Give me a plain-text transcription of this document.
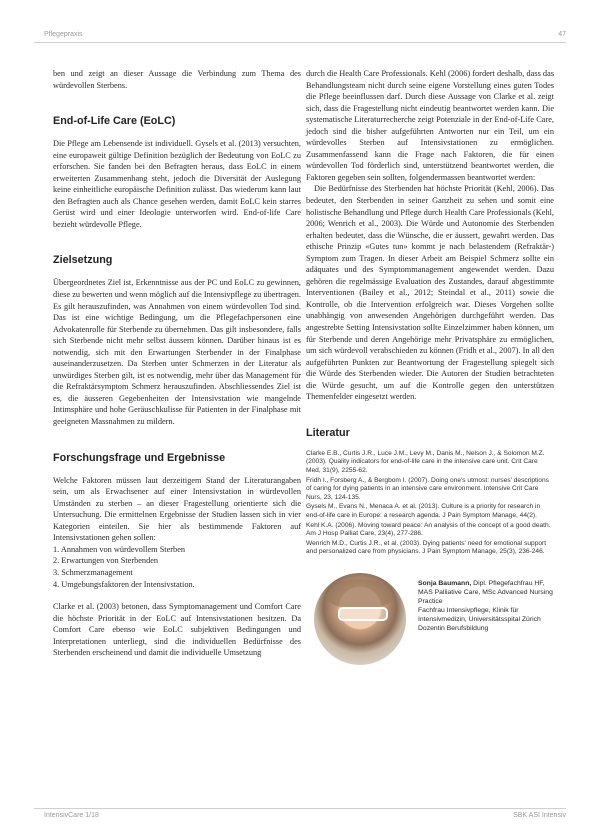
Pflegepraxis	47

ben und zeigt an dieser Aussage die Verbindung zum Thema des würdevollen Sterbens.

End-of-Life Care (EoLC)

Die Pflege am Lebensende ist individuell. Gysels et al. (2013) versuchten, eine europaweit gültige Definition bezüglich der Bedeutung von EoLC zu erforschen. Sie fanden bei den Befragten heraus, dass EoLC in einem erweiterten Zusammenhang steht, jedoch die Diversität der Auslegung keine einheitliche europäische Definition zulässt. Das wiederum kann laut den Befragten auch als Chance gesehen werden, damit EoLC kein starres Gerüst wird und einer Ideologie unterworfen wird. End-of-life Care bezieht würdevolle Pflege.

Zielsetzung

Übergeordnetes Ziel ist, Erkenntnisse aus der PC und EoLC zu gewinnen, diese zu bewerten und wenn möglich auf die Intensivpflege zu übertragen. Es gilt herauszufinden, was Annahmen von einem würdevollen Tod sind. Das ist eine wichtige Bedingung, um die Pflegefachpersonen eine Advokatenrolle für Sterbende zu übernehmen. Das gilt insbesondere, falls sich Sterbende nicht mehr selbst äussern können. Darüber hinaus ist es notwendig, sich mit den Erwartungen Sterbender in der Finalphase auseinanderzusetzen. Da Sterben unter Schmerzen in der Literatur als unwürdiges Sterben gilt, ist es notwendig, mehr über das Management für die Refraktärsymptom Schmerz herauszufinden. Abschliessendes Ziel ist es, die äusseren Gegebenheiten der Intensivstation wie mangelnde Intimsphäre und hohe Geräuschkulisse für Patienten in der Finalphase mit geeigneten Massnahmen zu mildern.

Forschungsfrage und Ergebnisse

Welche Faktoren müssen laut derzeitigem Stand der Literaturangaben sein, um als Erwachsener auf einer Intensivstation in würdevollen Umständen zu sterben – an dieser Fragestellung orientierte sich die Untersuchung. Die ermittelnen Ergebnisse der Studien lassen sich in vier Kategorien einteilen. Sie hier als bestimmende Faktoren auf Intensivstationen gehen sollen:

1. Annahmen von würdevollem Sterben
2. Erwartungen von Sterbenden
3. Schmerzmanagement
4. Umgebungsfaktoren der Intensivstation.

Clarke et al. (2003) betonen, dass Symptomanagement und Comfort Care die höchste Priorität in der EoLC auf Intensivstationen besitzen. Da Comfort Care ebenso wie EoLC subjektiven Bedingungen und Interpretationen unterliegt, sind die individuellen Bedürfnisse des Sterbenden erscheinend und damit die individuelle Umsetzung

durch die Health Care Professionals. Kehl (2006) fordert deshalb, dass das Behandlungsteam nicht durch seine eigene Vorstellung eines guten Todes die Pflege beeinflussen darf. Durch diese Aussage von Clarke et al. zeigt sich, dass die Fragestellung nicht eindeutig beantwortet werden kann. Die systematische Literaturrecherche zeigt Potenziale in der End-of-Life Care, jedoch sind die bisher aufgeführten Antworten nur ein Teil, um ein würdevolles Sterben auf Intensivstationen zu ermöglichen. Zusammenfassend kann die Frage nach Faktoren, die für einen würdevollen Tod förderlich sind, unterstützend beantwortet werden, die Faktoren gegeben sein sollten, folgendermassen beantwortet werden:

Die Bedürfnisse des Sterbenden hat höchste Priorität (Kehl, 2006). Das bedeutet, den Sterbenden in seiner Ganzheit zu sehen und somit eine holistische Behandlung und Pflege durch Health Care Professionals (Kehl, 2006; Wenrich et al., 2003). Die Würde und Autonomie des Sterbenden erhalten bedeutet, dass die Wünsche, die er äussert, gewahrt werden. Das ethische Prinzip «Gutes tun» kommt je nach belastendem (Refraktär-) Symptom zum Tragen. In dieser Arbeit am Beispiel Schmerz sollte ein adäquates und des Symptommanagement angewendet werden. Dazu gehören die regelmässige Evaluation des Zustandes, darauf abgestimmte Interventionen (Bailey et al., 2012; Steindal et al., 2011) sowie die Kontrolle, ob die Intervention erfolgreich war. Dieses Vorgehen sollte unabhängig von anwesenden Angehörigen durchgeführt werden. Das angestrebte Setting Intensivstation sollte Einzelzimmer haben können, um für Sterbende und deren Angehörige mehr Privatsphäre zu ermöglichen, um sich würdevoll verabschieden zu können (Fridh et al., 2007). In all den aufgeführten Punkten zur Beantwortung der Fragestellung spiegelt sich die Würde des Sterbenden wieder. Die Autoren der Studien betrachteten die Würde gesucht, um auf die Kontrolle gegen den unterstützen Themenfelder eingesetzt werden.

Literatur
Clarke E.B., Curtis J.R., Luce J.M., Levy M., Danis M., Nelson J., & Solomon M.Z. (2003). Quality indicators for end-of-life care in the intensive care unit. Crit Care Med, 31(9), 2255-62.
Fridh I., Forsberg A., & Bergbom I. (2007). Doing one's utmost: nurses' descriptions of caring for dying patients in an intensive care environment. Intensive Crit Care Nurs, 23, 124-135.
Gysels M., Evans N., Menaca A. et al. (2013). Culture is a priority for research in end-of-life care in Europe: a research agenda. J Pain Symptom Manage, 44(2).
Kehl K.A. (2006). Moving toward peace: An analysis of the concept of a good death. Am J Hosp Palliat Care, 23(4), 277-286.
Wenrich M.D., Curtis J.R., et al. (2003). Dying patients' need for emotional support and personalized care from physicians. J Pain Symptom Manage, 25(3), 236-246.
Sonja Baumann, Dipl. Pflegefachfrau HF, MAS Palliative Care, MSc Advanced Nursing Practice
Fachfrau Intensivpflege, Klinik für Intensivmedizin, Universitätsspital Zürich
Dozentin Berufsbildung
IntensivCare 1/18	SBK ASI Intensiv
